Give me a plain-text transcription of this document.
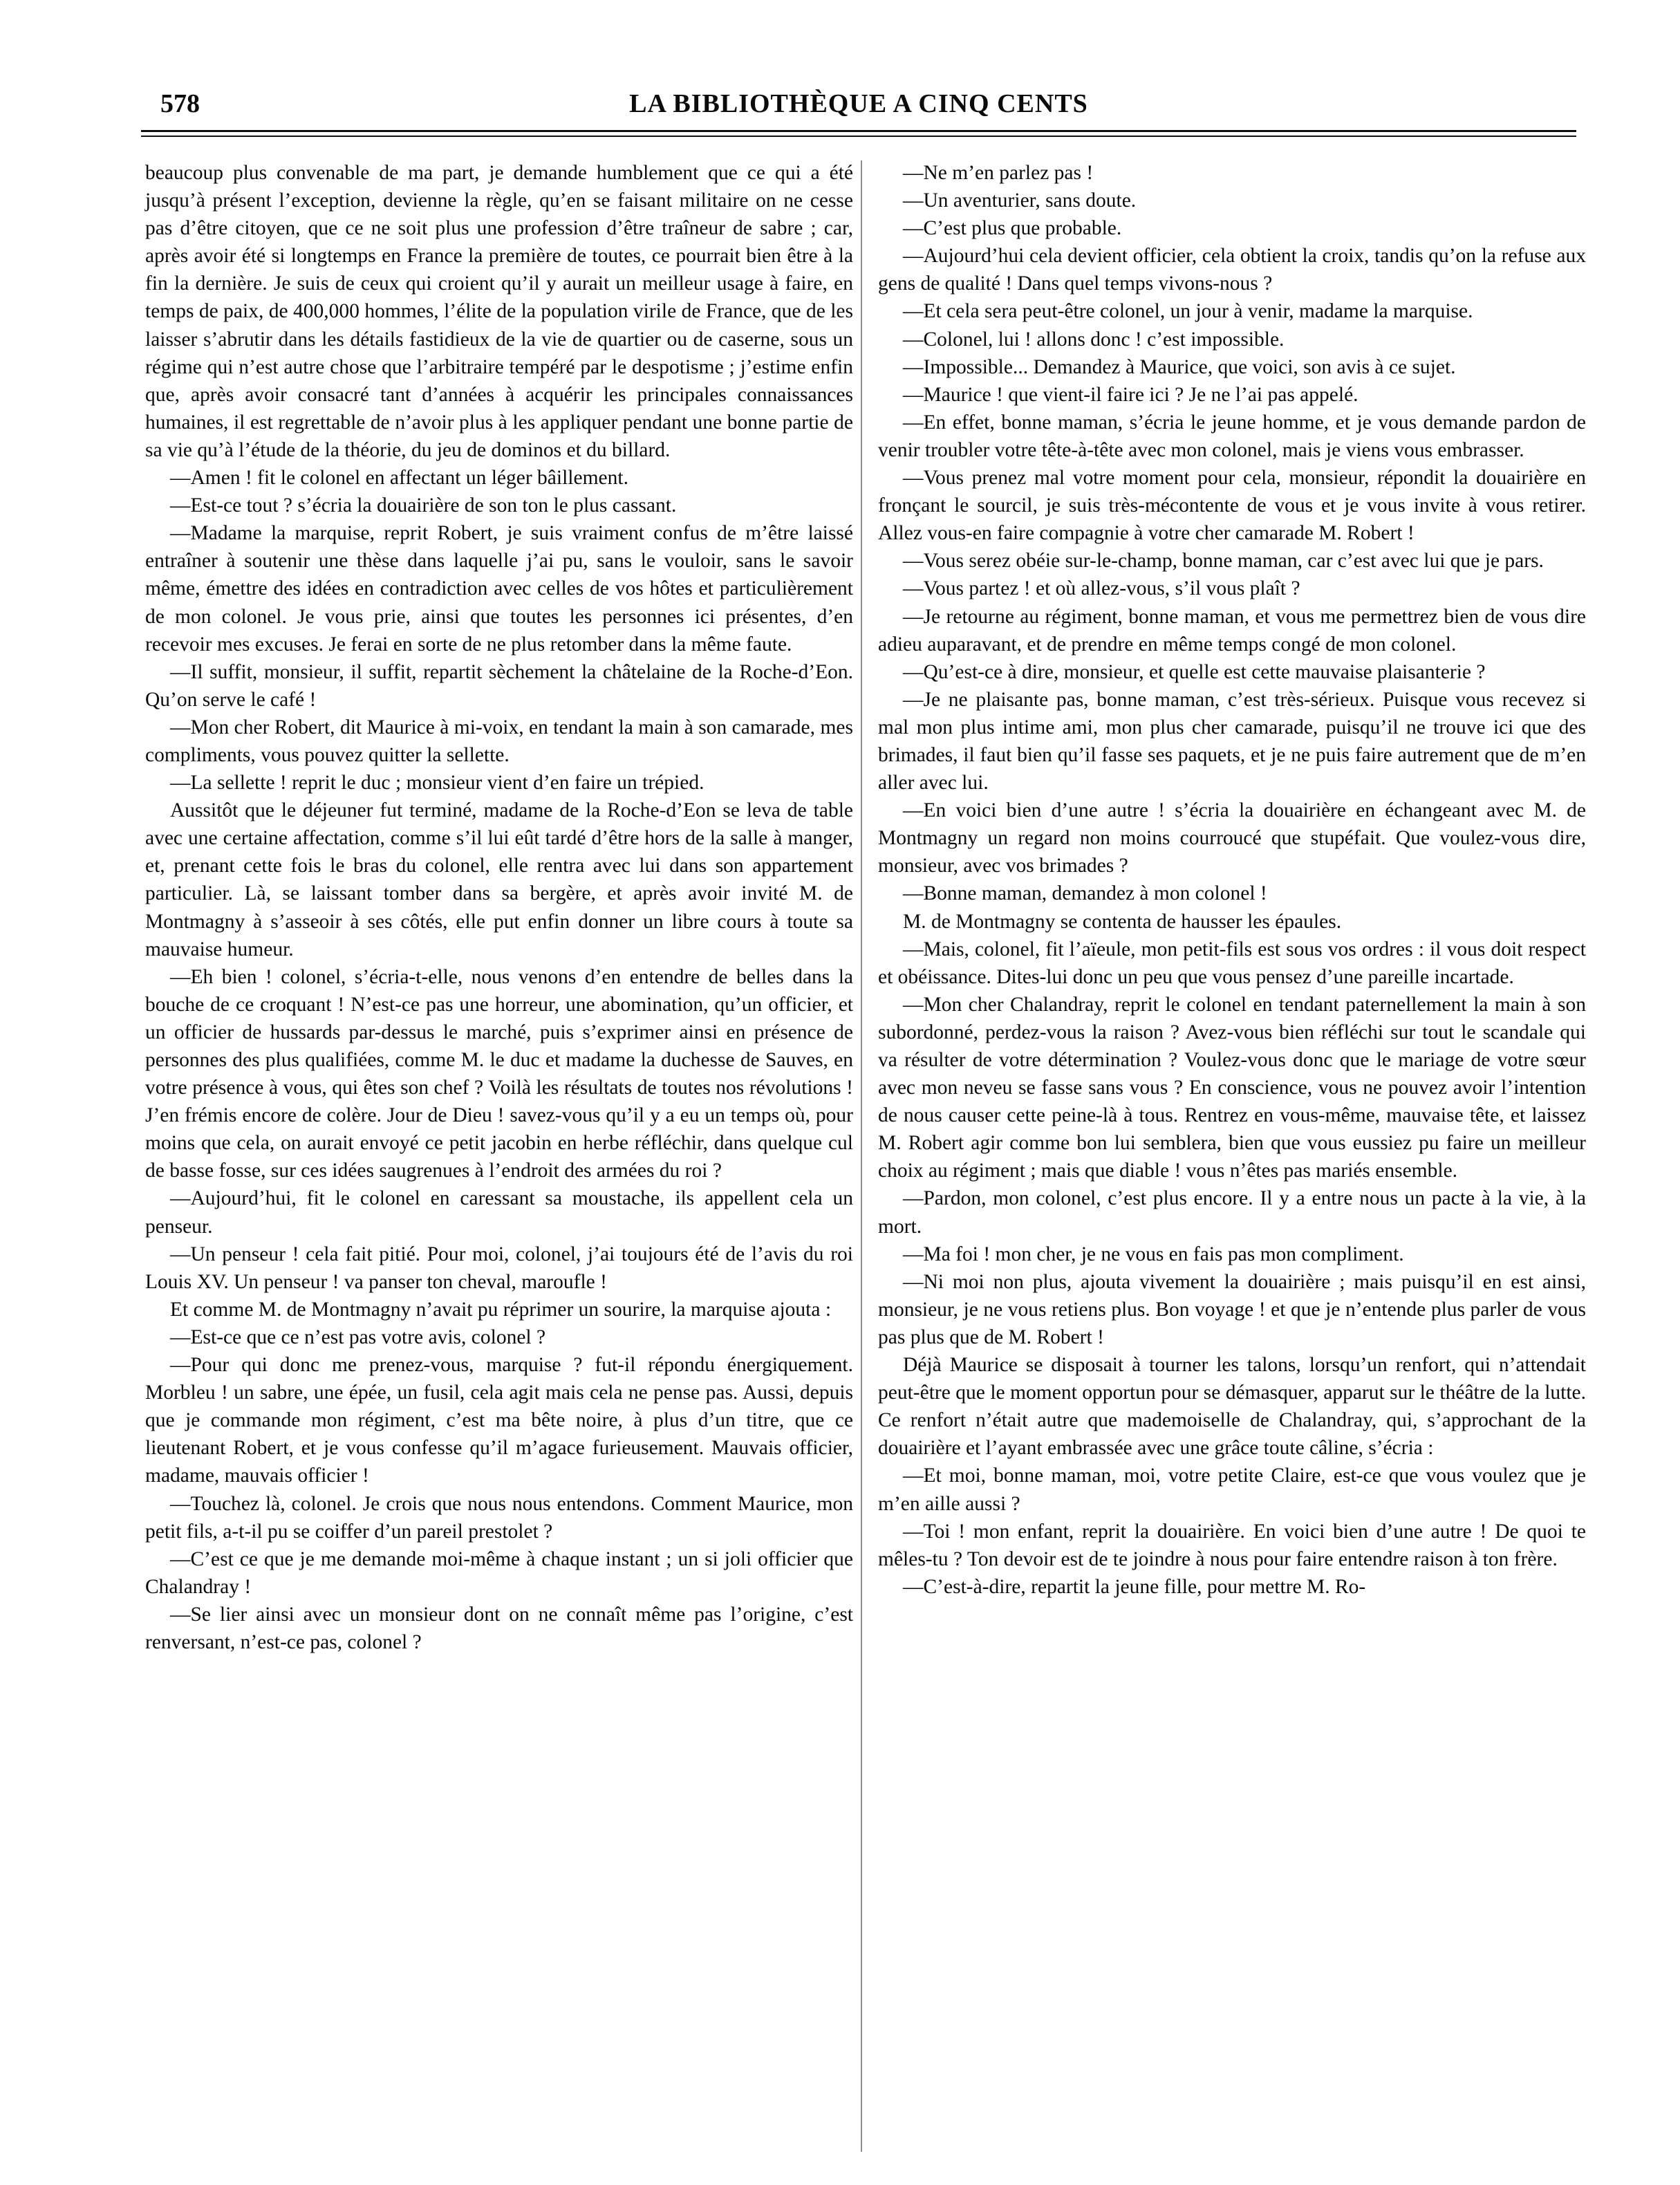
578	LA BIBLIOTHÈQUE A CINQ CENTS

beaucoup plus convenable de ma part, je demande humblement que ce qui a été jusqu’à présent l’exception, devienne la règle, qu’en se faisant militaire on ne cesse pas d’être citoyen, que ce ne soit plus une profession d’être traîneur de sabre ; car, après avoir été si longtemps en France la première de toutes, ce pourrait bien être à la fin la dernière. Je suis de ceux qui croient qu’il y aurait un meilleur usage à faire, en temps de paix, de 400,000 hommes, l’élite de la population virile de France, que de les laisser s’abrutir dans les détails fastidieux de la vie de quartier ou de caserne, sous un régime qui n’est autre chose que l’arbitraire tempéré par le despotisme ; j’estime enfin que, après avoir consacré tant d’années à acquérir les principales connaissances humaines, il est regrettable de n’avoir plus à les appliquer pendant une bonne partie de sa vie qu’à l’étude de la théorie, du jeu de dominos et du billard.

—Amen ! fit le colonel en affectant un léger bâillement.

—Est-ce tout ? s’écria la douairière de son ton le plus cassant.

—Madame la marquise, reprit Robert, je suis vraiment confus de m’être laissé entraîner à soutenir une thèse dans laquelle j’ai pu, sans le vouloir, sans le savoir même, émettre des idées en contradiction avec celles de vos hôtes et particulièrement de mon colonel. Je vous prie, ainsi que toutes les personnes ici présentes, d’en recevoir mes excuses. Je ferai en sorte de ne plus retomber dans la même faute.

—Il suffit, monsieur, il suffit, repartit sèchement la châtelaine de la Roche-d’Eon. Qu’on serve le café !

—Mon cher Robert, dit Maurice à mi-voix, en tendant la main à son camarade, mes compliments, vous pouvez quitter la sellette.

—La sellette ! reprit le duc ; monsieur vient d’en faire un trépied.

Aussitôt que le déjeuner fut terminé, madame de la Roche-d’Eon se leva de table avec une certaine affectation, comme s’il lui eût tardé d’être hors de la salle à manger, et, prenant cette fois le bras du colonel, elle rentra avec lui dans son appartement particulier. Là, se laissant tomber dans sa bergère, et après avoir invité M. de Montmagny à s’asseoir à ses côtés, elle put enfin donner un libre cours à toute sa mauvaise humeur.

—Eh bien ! colonel, s’écria-t-elle, nous venons d’en entendre de belles dans la bouche de ce croquant ! N’est-ce pas une horreur, une abomination, qu’un officier, et un officier de hussards par-dessus le marché, puis s’exprimer ainsi en présence de personnes des plus qualifiées, comme M. le duc et madame la duchesse de Sauves, en votre présence à vous, qui êtes son chef ? Voilà les résultats de toutes nos révolutions ! J’en frémis encore de colère. Jour de Dieu ! savez-vous qu’il y a eu un temps où, pour moins que cela, on aurait envoyé ce petit jacobin en herbe réfléchir, dans quelque cul de basse fosse, sur ces idées saugrenues à l’endroit des armées du roi ?

—Aujourd’hui, fit le colonel en caressant sa moustache, ils appellent cela un penseur.

—Un penseur ! cela fait pitié. Pour moi, colonel, j’ai toujours été de l’avis du roi Louis XV. Un penseur ! va panser ton cheval, maroufle !

Et comme M. de Montmagny n’avait pu réprimer un sourire, la marquise ajouta :

—Est-ce que ce n’est pas votre avis, colonel ?

—Pour qui donc me prenez-vous, marquise ? fut-il répondu énergiquement. Morbleu ! un sabre, une épée, un fusil, cela agit mais cela ne pense pas. Aussi, depuis que je commande mon régiment, c’est ma bête noire, à plus d’un titre, que ce lieutenant Robert, et je vous confesse qu’il m’agace furieusement. Mauvais officier, madame, mauvais officier !

—Touchez là, colonel. Je crois que nous nous entendons. Comment Maurice, mon petit fils, a-t-il pu se coiffer d’un pareil prestolet ?

—C’est ce que je me demande moi-même à chaque instant ; un si joli officier que Chalandray !

—Se lier ainsi avec un monsieur dont on ne connaît même pas l’origine, c’est renversant, n’est-ce pas, colonel ?

—Ne m’en parlez pas !

—Un aventurier, sans doute.

—C’est plus que probable.

—Aujourd’hui cela devient officier, cela obtient la croix, tandis qu’on la refuse aux gens de qualité ! Dans quel temps vivons-nous ?

—Et cela sera peut-être colonel, un jour à venir, madame la marquise.

—Colonel, lui ! allons donc ! c’est impossible.

—Impossible... Demandez à Maurice, que voici, son avis à ce sujet.

—Maurice ! que vient-il faire ici ? Je ne l’ai pas appelé.

—En effet, bonne maman, s’écria le jeune homme, et je vous demande pardon de venir troubler votre tête-à-tête avec mon colonel, mais je viens vous embrasser.

—Vous prenez mal votre moment pour cela, monsieur, répondit la douairière en fronçant le sourcil, je suis très-mécontente de vous et je vous invite à vous retirer. Allez vous-en faire compagnie à votre cher camarade M. Robert !

—Vous serez obéie sur-le-champ, bonne maman, car c’est avec lui que je pars.

—Vous partez ! et où allez-vous, s’il vous plaît ?

—Je retourne au régiment, bonne maman, et vous me permettrez bien de vous dire adieu auparavant, et de prendre en même temps congé de mon colonel.

—Qu’est-ce à dire, monsieur, et quelle est cette mauvaise plaisanterie ?

—Je ne plaisante pas, bonne maman, c’est très-sérieux. Puisque vous recevez si mal mon plus intime ami, mon plus cher camarade, puisqu’il ne trouve ici que des brimades, il faut bien qu’il fasse ses paquets, et je ne puis faire autrement que de m’en aller avec lui.

—En voici bien d’une autre ! s’écria la douairière en échangeant avec M. de Montmagny un regard non moins courroucé que stupéfait. Que voulez-vous dire, monsieur, avec vos brimades ?

—Bonne maman, demandez à mon colonel !

M. de Montmagny se contenta de hausser les épaules.

—Mais, colonel, fit l’aïeule, mon petit-fils est sous vos ordres : il vous doit respect et obéissance. Dites-lui donc un peu que vous pensez d’une pareille incartade.

—Mon cher Chalandray, reprit le colonel en tendant paternellement la main à son subordonné, perdez-vous la raison ? Avez-vous bien réfléchi sur tout le scandale qui va résulter de votre détermination ? Voulez-vous donc que le mariage de votre sœur avec mon neveu se fasse sans vous ? En conscience, vous ne pouvez avoir l’intention de nous causer cette peine-là à tous. Rentrez en vous-même, mauvaise tête, et laissez M. Robert agir comme bon lui semblera, bien que vous eussiez pu faire un meilleur choix au régiment ; mais que diable ! vous n’êtes pas mariés ensemble.

—Pardon, mon colonel, c’est plus encore. Il y a entre nous un pacte à la vie, à la mort.

—Ma foi ! mon cher, je ne vous en fais pas mon compliment.

—Ni moi non plus, ajouta vivement la douairière ; mais puisqu’il en est ainsi, monsieur, je ne vous retiens plus. Bon voyage ! et que je n’entende plus parler de vous pas plus que de M. Robert !

Déjà Maurice se disposait à tourner les talons, lorsqu’un renfort, qui n’attendait peut-être que le moment opportun pour se démasquer, apparut sur le théâtre de la lutte. Ce renfort n’était autre que mademoiselle de Chalandray, qui, s’approchant de la douairière et l’ayant embrassée avec une grâce toute câline, s’écria :

—Et moi, bonne maman, moi, votre petite Claire, est-ce que vous voulez que je m’en aille aussi ?

—Toi ! mon enfant, reprit la douairière. En voici bien d’une autre ! De quoi te mêles-tu ? Ton devoir est de te joindre à nous pour faire entendre raison à ton frère.

—C’est-à-dire, repartit la jeune fille, pour mettre M. Ro-
